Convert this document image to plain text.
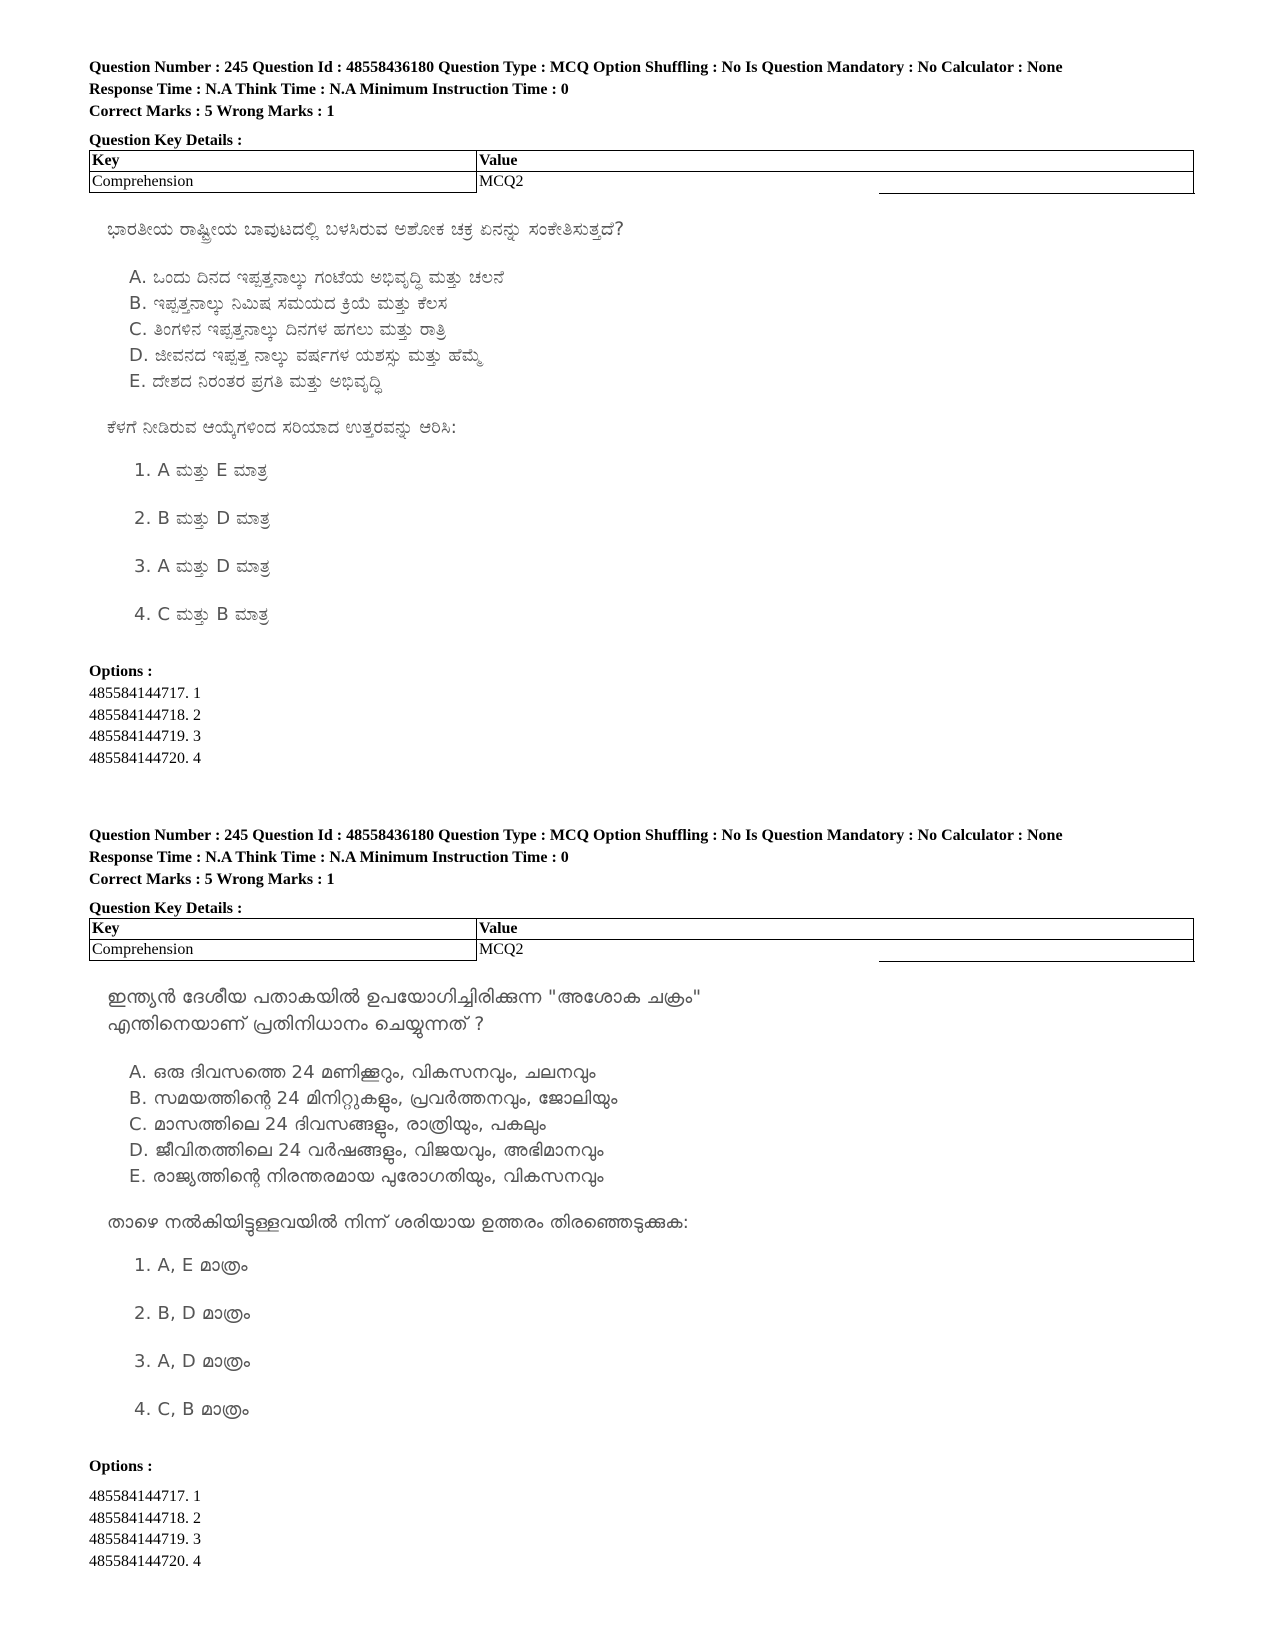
Question Number : 245 Question Id : 48558436180 Question Type : MCQ Option Shuffling : No Is Question Mandatory : No Calculator : None
Response Time : N.A Think Time : N.A Minimum Instruction Time : 0
Correct Marks : 5 Wrong Marks : 1
Question Key Details :
Key	Value
Comprehension	MCQ2
ಭಾರತೀಯ ರಾಷ್ಟ್ರೀಯ ಬಾವುಟದಲ್ಲಿ ಬಳಸಿರುವ ಅಶೋಕ ಚಕ್ರ ಏನನ್ನು ಸಂಕೇತಿಸುತ್ತದೆ?
A. ಒಂದು ದಿನದ ಇಪ್ಪತ್ತನಾಲ್ಕು ಗಂಟೆಯ ಅಭಿವೃದ್ಧಿ ಮತ್ತು ಚಲನೆ
B. ಇಪ್ಪತ್ತನಾಲ್ಕು ನಿಮಿಷ ಸಮಯದ ಕ್ರಿಯೆ ಮತ್ತು ಕೆಲಸ
C. ತಿಂಗಳಿನ ಇಪ್ಪತ್ತನಾಲ್ಕು ದಿನಗಳ ಹಗಲು ಮತ್ತು ರಾತ್ರಿ
D. ಜೀವನದ ಇಪ್ಪತ್ತ ನಾಲ್ಕು ವರ್ಷಗಳ ಯಶಸ್ಸು ಮತ್ತು ಹೆಮ್ಮೆ
E. ದೇಶದ ನಿರಂತರ ಪ್ರಗತಿ ಮತ್ತು ಅಭಿವೃದ್ಧಿ
ಕೆಳಗೆ ನೀಡಿರುವ ಆಯ್ಕೆಗಳಿಂದ ಸರಿಯಾದ ಉತ್ತರವನ್ನು ಆರಿಸಿ:
1. A ಮತ್ತು E ಮಾತ್ರ
2. B ಮತ್ತು D ಮಾತ್ರ
3. A ಮತ್ತು D ಮಾತ್ರ
4. C ಮತ್ತು B ಮಾತ್ರ
Options :
485584144717. 1
485584144718. 2
485584144719. 3
485584144720. 4
Question Number : 245 Question Id : 48558436180 Question Type : MCQ Option Shuffling : No Is Question Mandatory : No Calculator : None
Response Time : N.A Think Time : N.A Minimum Instruction Time : 0
Correct Marks : 5 Wrong Marks : 1
Question Key Details :
Key	Value
Comprehension	MCQ2
ഇന്ത്യൻ ദേശീയ പതാകയിൽ ഉപയോഗിച്ചിരിക്കുന്ന "അശോക ചക്രം"
എന്തിനെയാണ് പ്രതിനിധാനം ചെയ്യുന്നത് ?
A. ഒരു ദിവസത്തെ 24 മണിക്കൂറും, വികസനവും, ചലനവും
B. സമയത്തിന്റെ 24 മിനിറ്റുകളും, പ്രവർത്തനവും, ജോലിയും
C. മാസത്തിലെ 24 ദിവസങ്ങളും, രാത്രിയും, പകലും
D. ജീവിതത്തിലെ 24 വർഷങ്ങളും, വിജയവും, അഭിമാനവും
E. രാജ്യത്തിന്റെ നിരന്തരമായ പുരോഗതിയും, വികസനവും
താഴെ നൽകിയിട്ടുള്ളവയിൽ നിന്ന് ശരിയായ ഉത്തരം തിരഞ്ഞെടുക്കുക:
1. A, E മാത്രം
2. B, D മാത്രം
3. A, D മാത്രം
4. C, B മാത്രം
Options :
485584144717. 1
485584144718. 2
485584144719. 3
485584144720. 4
